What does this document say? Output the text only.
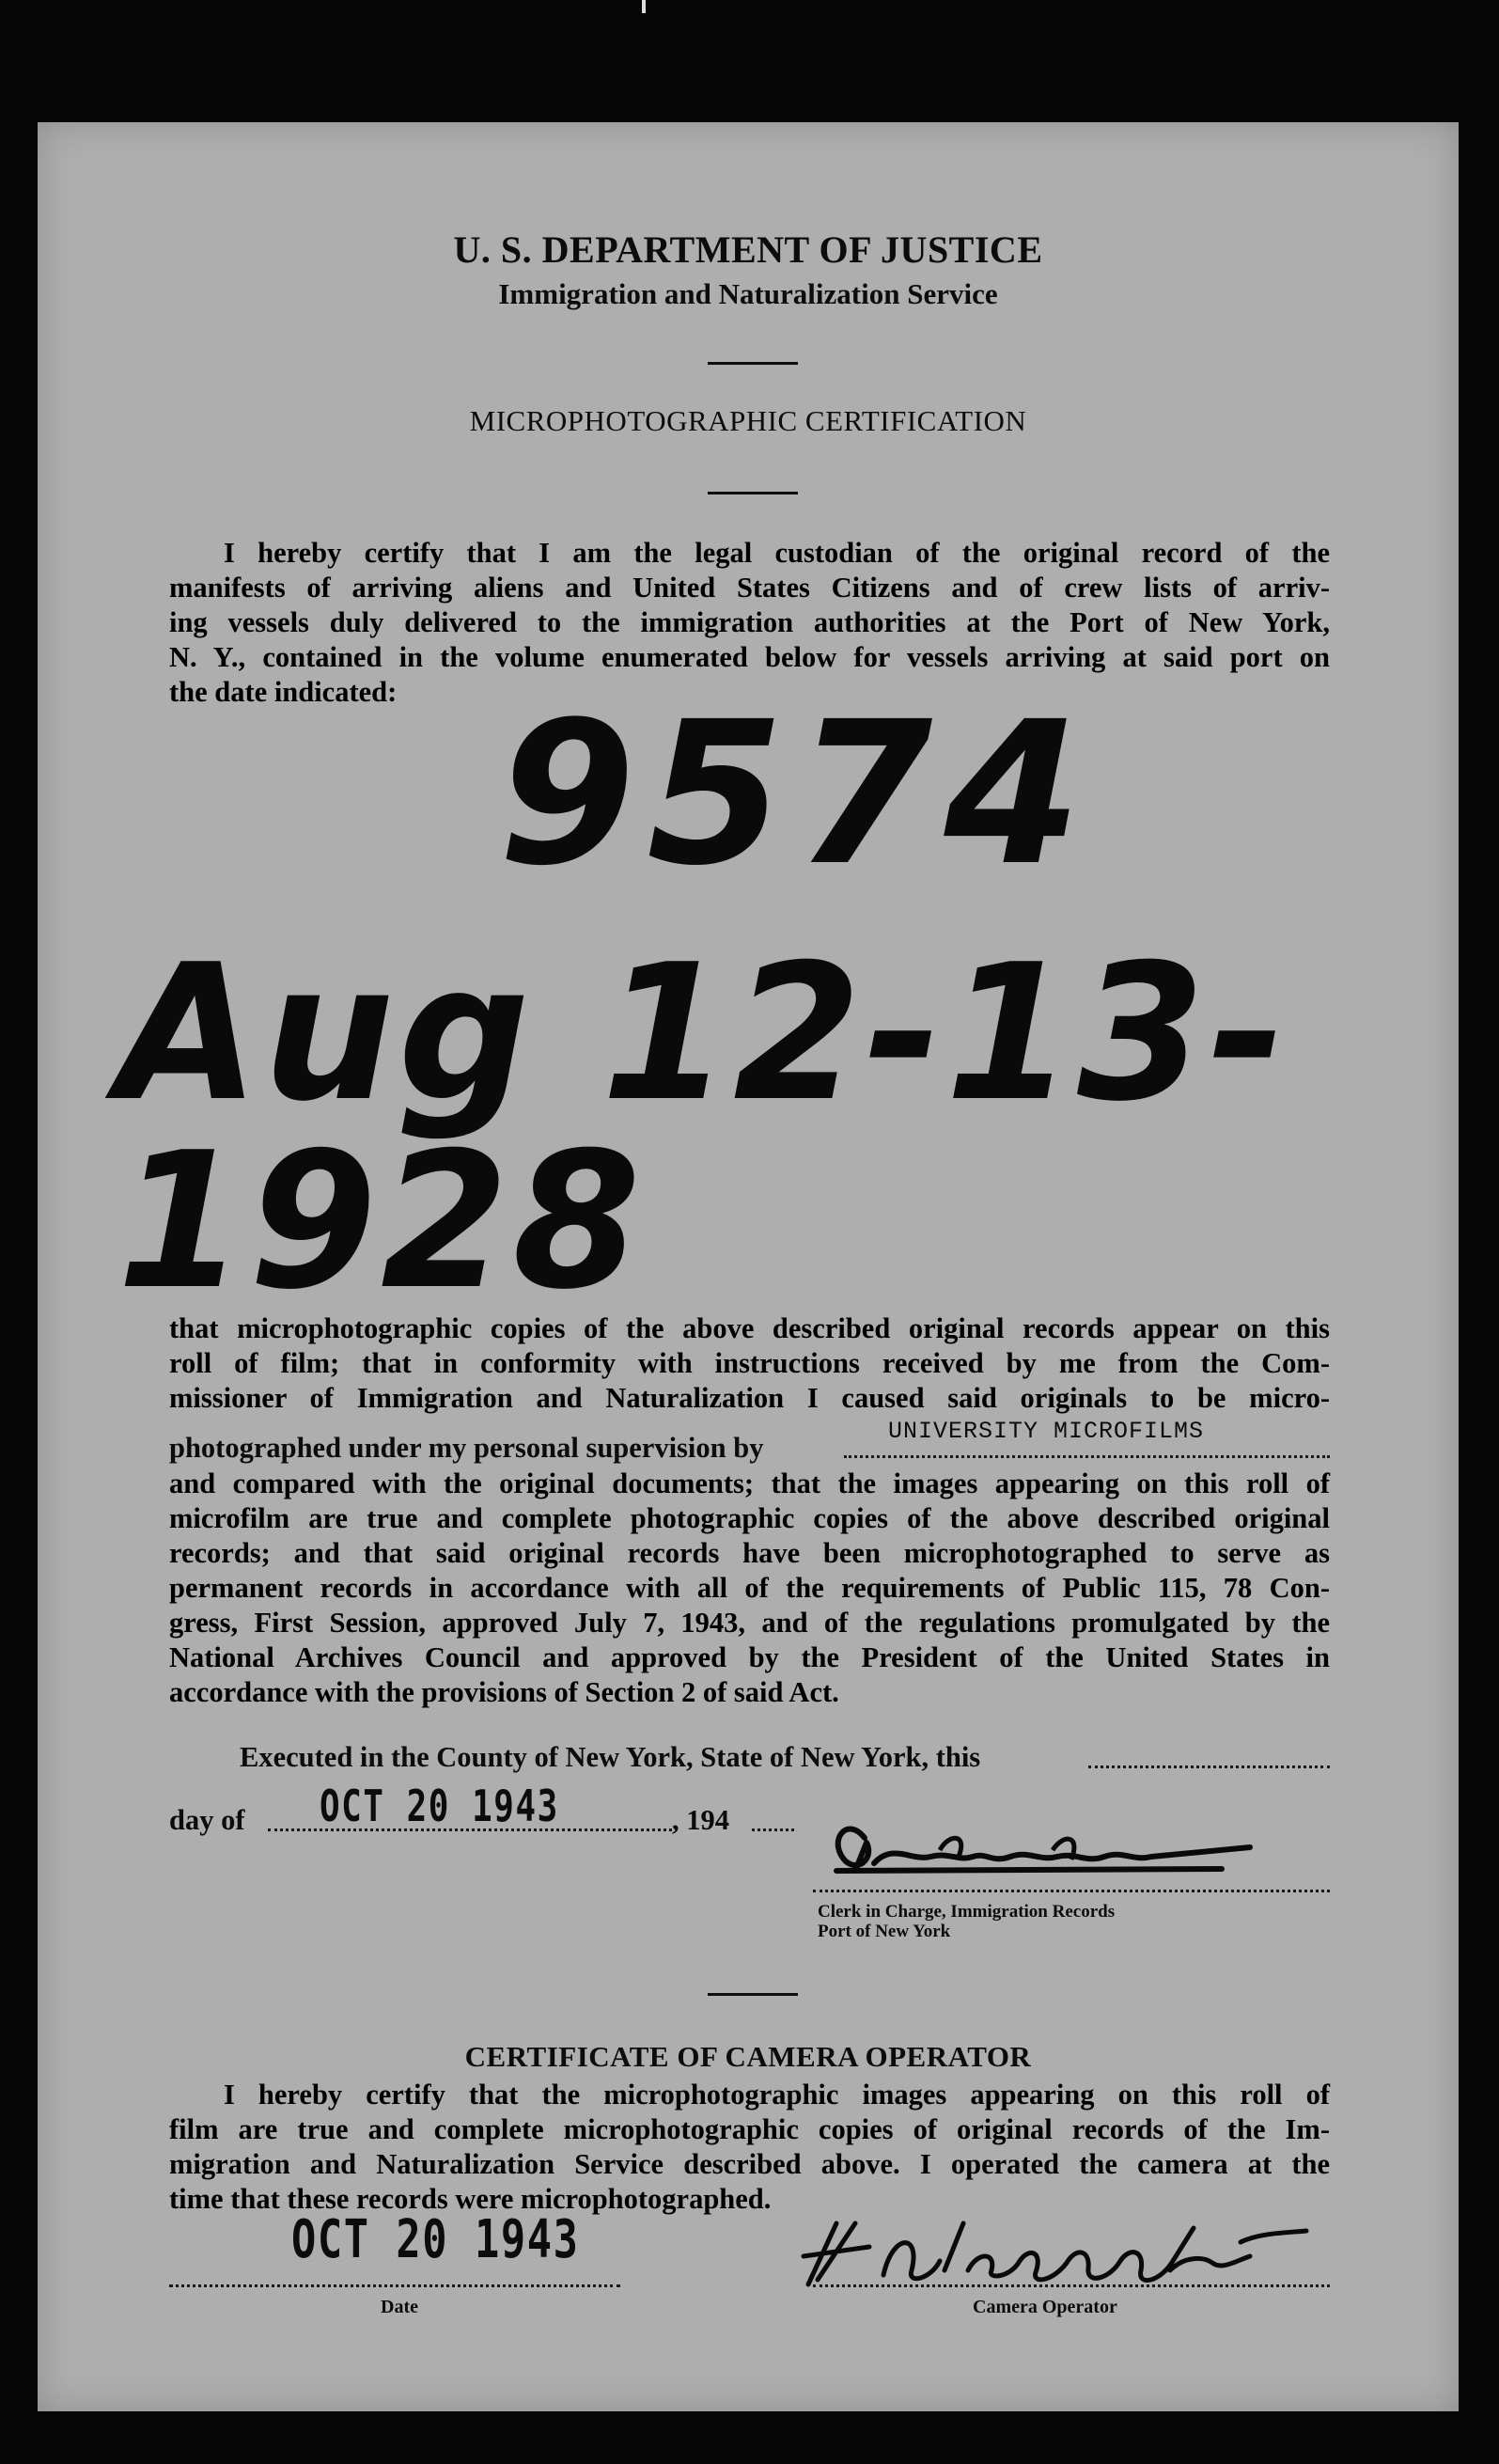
U. S. DEPARTMENT OF JUSTICE
Immigration and Naturalization Service
MICROPHOTOGRAPHIC CERTIFICATION
I hereby certify that I am the legal custodian of the original record of the
manifests of arriving aliens and United States Citizens and of crew lists of arriv-
ing vessels duly delivered to the immigration authorities at the Port of New York,
N. Y., contained in the volume enumerated below for vessels arriving at said port on
the date indicated: 9574
Aug 12-13-1928
that microphotographic copies of the above described original records appear on this
roll of film; that in conformity with instructions received by me from the Com-
missioner of Immigration and Naturalization I caused said originals to be micro-
photographed under my personal supervision by
UNIVERSITY MICROFILMS
and compared with the original documents; that the images appearing on this roll of
microfilm are true and complete photographic copies of the above described original
records; and that said original records have been microphotographed to serve as
permanent records in accordance with all of the requirements of Public 115, 78 Con-
gress, First Session, approved July 7, 1943, and of the regulations promulgated by the
National Archives Council and approved by the President of the United States in
accordance with the provisions of Section 2 of said Act.
Executed in the County of New York, State of New York, this
day of OCT 20 1943	, 194
Clerk in Charge, Immigration Records
Port of New York
CERTIFICATE OF CAMERA OPERATOR
I hereby certify that the microphotographic images appearing on this roll of
film are true and complete microphotographic copies of original records of the Im-
migration and Naturalization Service described above. I operated the camera at the
time that these records were microphotographed.
OCT 20 1943
Date	Camera Operator
